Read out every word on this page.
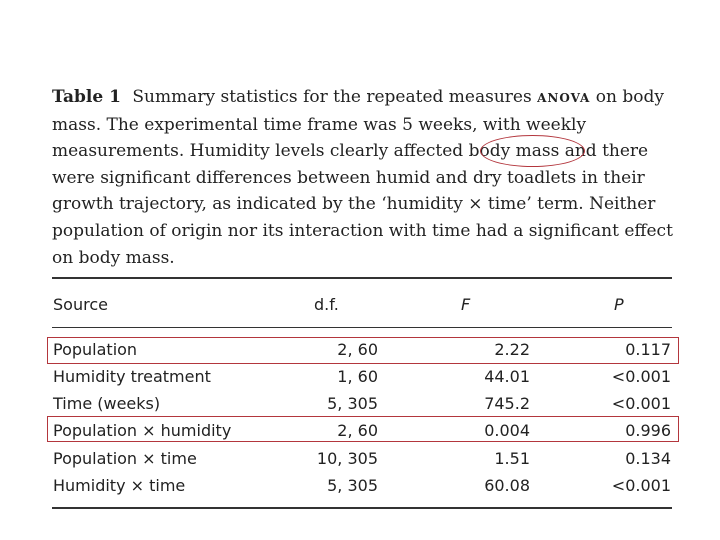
Table 1 Summary statistics for the repeated measures ANOVA on body mass. The experimental time frame was 5 weeks, with weekly measurements. Humidity levels clearly affected body mass and there were significant differences between humid and dry toadlets in their growth trajectory, as indicated by the ‘humidity × time’ term. Neither population of origin nor its interaction with time had a significant effect on body mass.
Source	d.f.	F	P
Population	2, 60	2.22	0.117
Humidity treatment	1, 60	44.01	<0.001
Time (weeks)	5, 305	745.2	<0.001
Population × humidity	2, 60	0.004	0.996
Population × time	10, 305	1.51	0.134
Humidity × time	5, 305	60.08	<0.001
